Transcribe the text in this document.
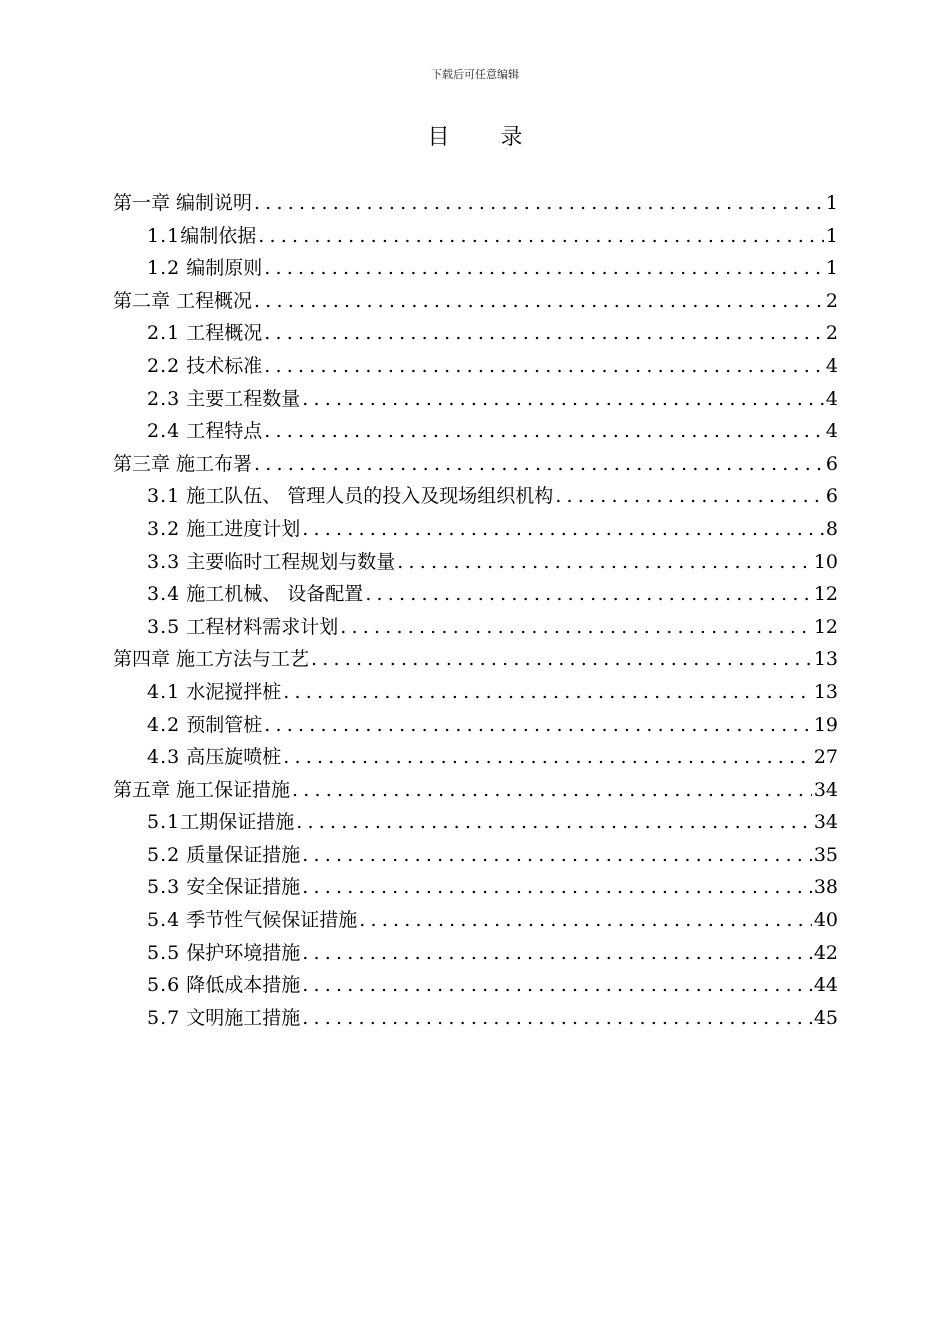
下载后可任意编辑
目 录
第一章 编制说明 .....	1
1.1编制依据 .....	1
1.2 编制原则 .....	1
第二章 工程概况 .....	2
2.1 工程概况 .....	2
2.2 技术标准 .....	4
2.3 主要工程数量 .....	4
2.4 工程特点 .....	4
第三章 施工布署 .....	6
3.1 施工队伍、 管理人员的投入及现场组织机构 .....	6
3.2 施工进度计划 .....	8
3.3 主要临时工程规划与数量 .....	10
3.4 施工机械、 设备配置 .....	12
3.5 工程材料需求计划 .....	12
第四章 施工方法与工艺 .....	13
4.1 水泥搅拌桩 .....	13
4.2 预制管桩 .....	19
4.3 高压旋喷桩 .....	27
第五章 施工保证措施 .....	34
5.1工期保证措施 .....	34
5.2 质量保证措施 .....	35
5.3 安全保证措施 .....	38
5.4 季节性气候保证措施 .....	40
5.5 保护环境措施 .....	42
5.6 降低成本措施 .....	44
5.7 文明施工措施 .....	45
